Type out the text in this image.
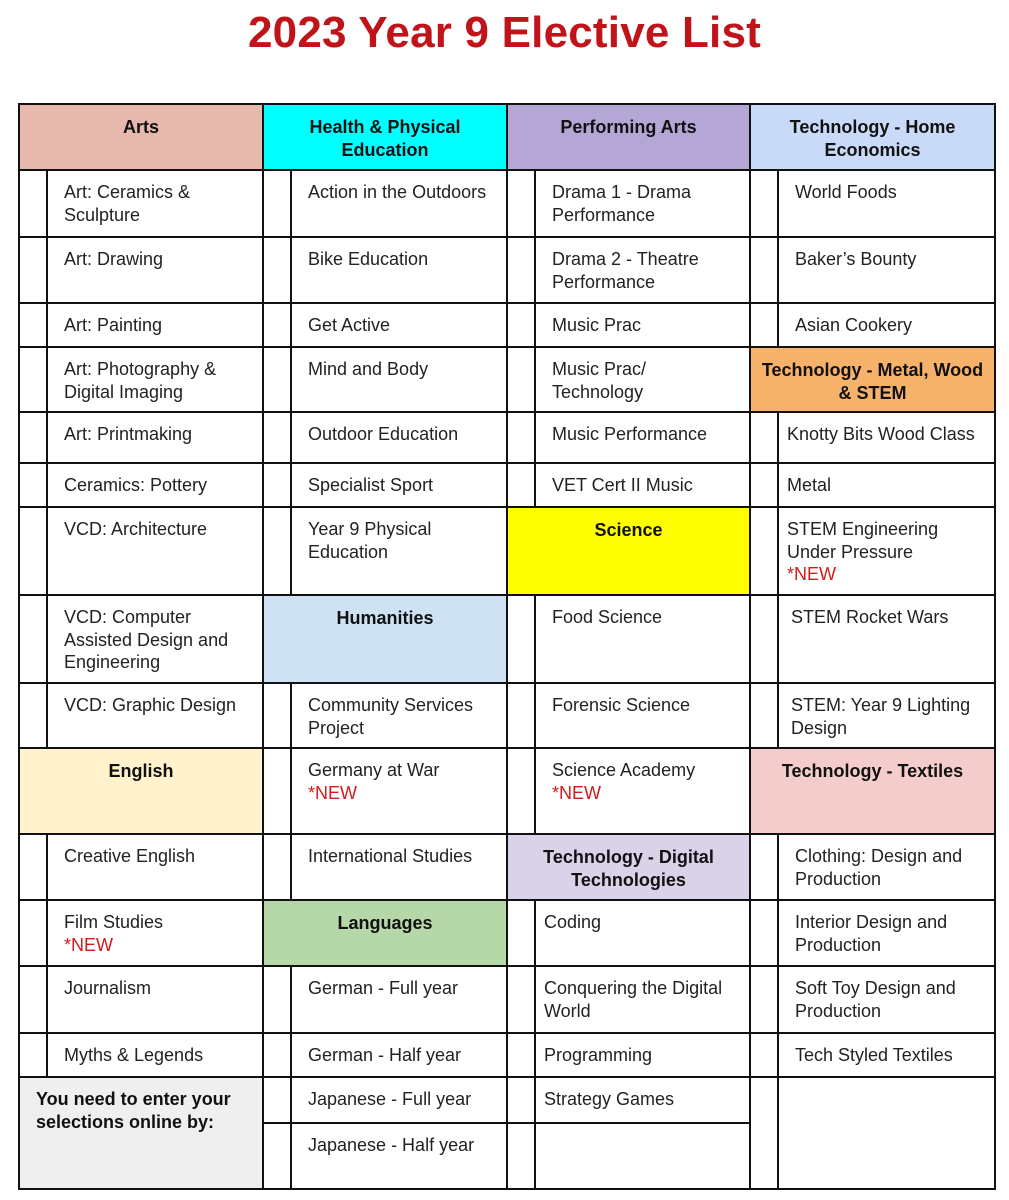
2023 Year 9 Elective List
Arts
Art: Ceramics & Sculpture
Art: Drawing
Art: Painting
Art: Photography & Digital Imaging
Art: Printmaking
Ceramics: Pottery
VCD: Architecture
VCD: Computer Assisted Design and Engineering
VCD: Graphic Design
English
Creative English
Film Studies
*NEW
Journalism
Myths & Legends
You need to enter your selections online by:
Health & Physical Education
Action in the Outdoors
Bike Education
Get Active
Mind and Body
Outdoor Education
Specialist Sport
Year 9 Physical Education
Humanities
Community Services Project
Germany at War
*NEW
International Studies
Languages
German - Full year
German - Half year
Japanese - Full year
Japanese - Half year
Performing Arts
Drama 1 - Drama Performance
Drama 2 - Theatre Performance
Music Prac
Music Prac/ Technology
Music Performance
VET Cert II Music
Science
Food Science
Forensic Science
Science Academy
*NEW
Technology - Digital Technologies
Coding
Conquering the Digital World
Programming
Strategy Games
Technology - Home Economics
World Foods
Baker’s Bounty
Asian Cookery
Technology - Metal, Wood & STEM
Knotty Bits Wood Class
Metal
STEM Engineering Under Pressure
*NEW
STEM Rocket Wars
STEM: Year 9 Lighting Design
Technology - Textiles
Clothing: Design and Production
Interior Design and Production
Soft Toy Design and Production
Tech Styled Textiles
